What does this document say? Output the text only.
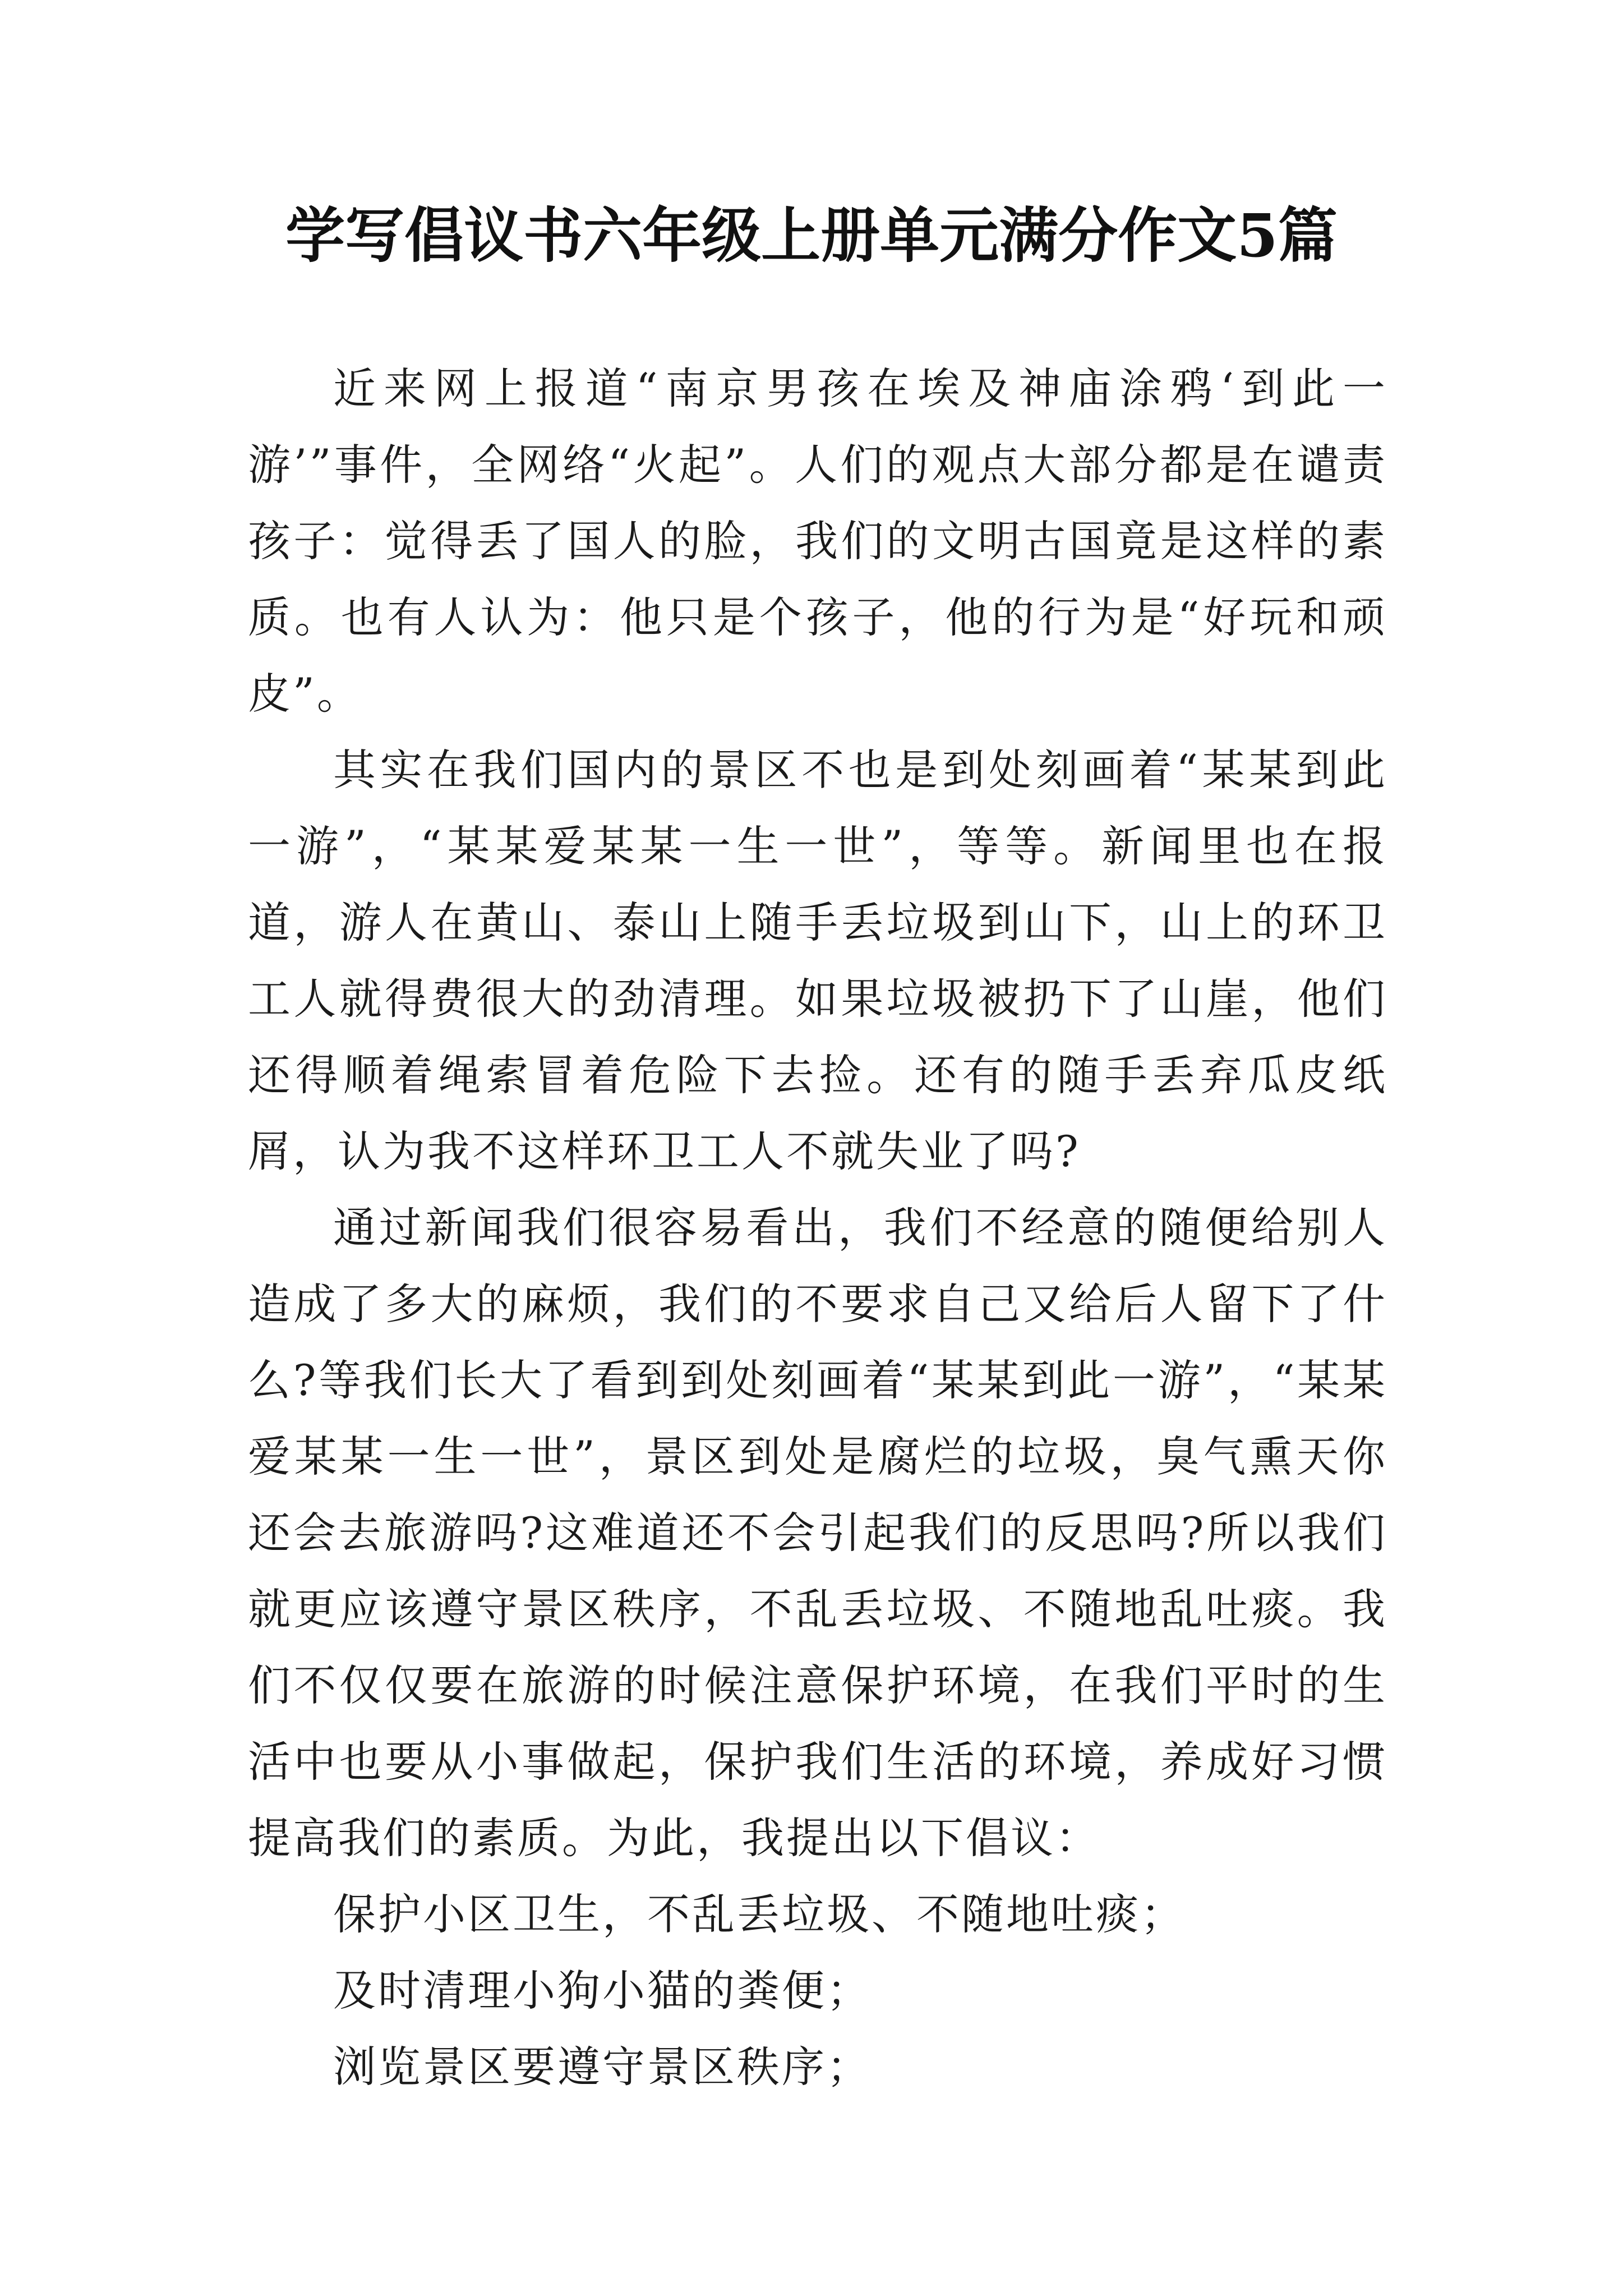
学写倡议书六年级上册单元满分作文5篇

近来网上报道“南京男孩在埃及神庙涂鸦‘到此一游’”事件，全网络“火起”。人们的观点大部分都是在谴责孩子：觉得丢了国人的脸，我们的文明古国竟是这样的素质。也有人认为：他只是个孩子，他的行为是“好玩和顽皮”。

其实在我们国内的景区不也是到处刻画着“某某到此一游”，“某某爱某某一生一世”，等等。新闻里也在报道，游人在黄山、泰山上随手丢垃圾到山下，山上的环卫工人就得费很大的劲清理。如果垃圾被扔下了山崖，他们还得顺着绳索冒着危险下去捡。还有的随手丢弃瓜皮纸屑，认为我不这样环卫工人不就失业了吗?

通过新闻我们很容易看出，我们不经意的随便给别人造成了多大的麻烦，我们的不要求自己又给后人留下了什么?等我们长大了看到到处刻画着“某某到此一游”，“某某爱某某一生一世”，景区到处是腐烂的垃圾，臭气熏天你还会去旅游吗?这难道还不会引起我们的反思吗?所以我们就更应该遵守景区秩序，不乱丢垃圾、不随地乱吐痰。我们不仅仅要在旅游的时候注意保护环境，在我们平时的生活中也要从小事做起，保护我们生活的环境，养成好习惯提高我们的素质。为此，我提出以下倡议：

保护小区卫生，不乱丢垃圾、不随地吐痰；

及时清理小狗小猫的粪便；

浏览景区要遵守景区秩序；
